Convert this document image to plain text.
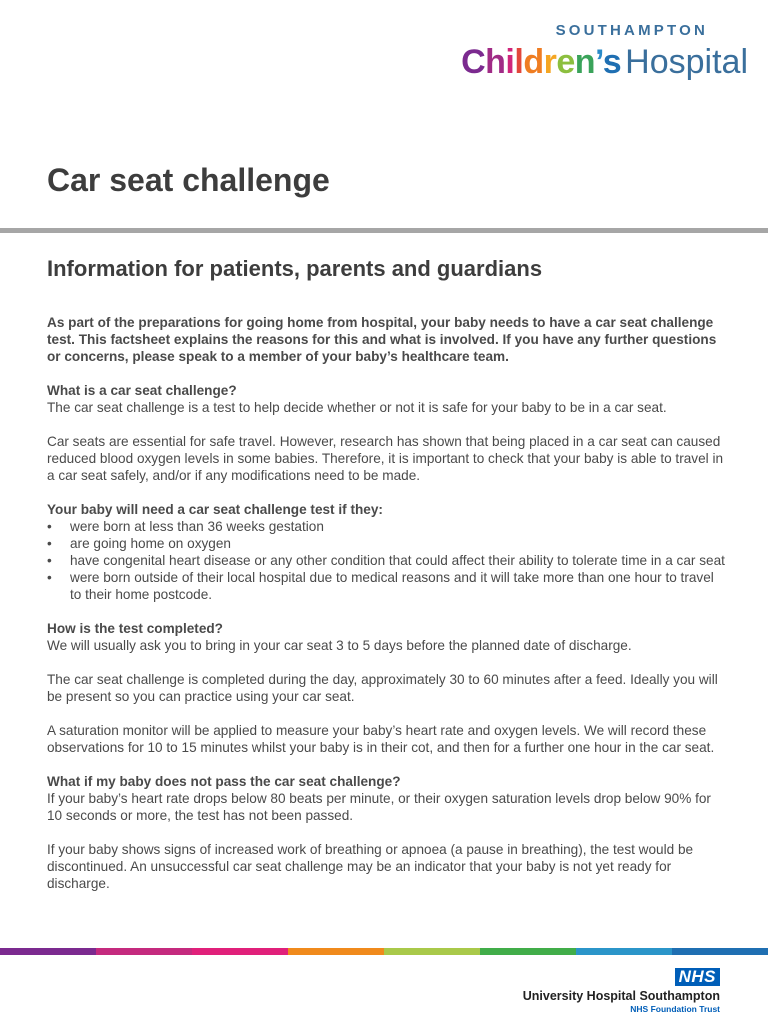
SOUTHAMPTON
Children’s Hospital
Car seat challenge
Information for patients, parents and guardians

As part of the preparations for going home from hospital, your baby needs to have a car seat challenge test. This factsheet explains the reasons for this and what is involved. If you have any further questions or concerns, please speak to a member of your baby’s healthcare team.

What is a car seat challenge?

The car seat challenge is a test to help decide whether or not it is safe for your baby to be in a car seat.

Car seats are essential for safe travel. However, research has shown that being placed in a car seat can caused reduced blood oxygen levels in some babies. Therefore, it is important to check that your baby is able to travel in a car seat safely, and/or if any modifications need to be made.

Your baby will need a car seat challenge test if they:
• were born at less than 36 weeks gestation
• are going home on oxygen
• have congenital heart disease or any other condition that could affect their ability to tolerate time in a car seat
• were born outside of their local hospital due to medical reasons and it will take more than one hour to travel to their home postcode.
How is the test completed?

We will usually ask you to bring in your car seat 3 to 5 days before the planned date of discharge.

The car seat challenge is completed during the day, approximately 30 to 60 minutes after a feed. Ideally you will be present so you can practice using your car seat.

A saturation monitor will be applied to measure your baby’s heart rate and oxygen levels. We will record these observations for 10 to 15 minutes whilst your baby is in their cot, and then for a further one hour in the car seat.

What if my baby does not pass the car seat challenge?

If your baby’s heart rate drops below 80 beats per minute, or their oxygen saturation levels drop below 90% for 10 seconds or more, the test has not been passed.

If your baby shows signs of increased work of breathing or apnoea (a pause in breathing), the test would be discontinued. An unsuccessful car seat challenge may be an indicator that your baby is not yet ready for discharge.

NHS
University Hospital Southampton
NHS Foundation Trust
